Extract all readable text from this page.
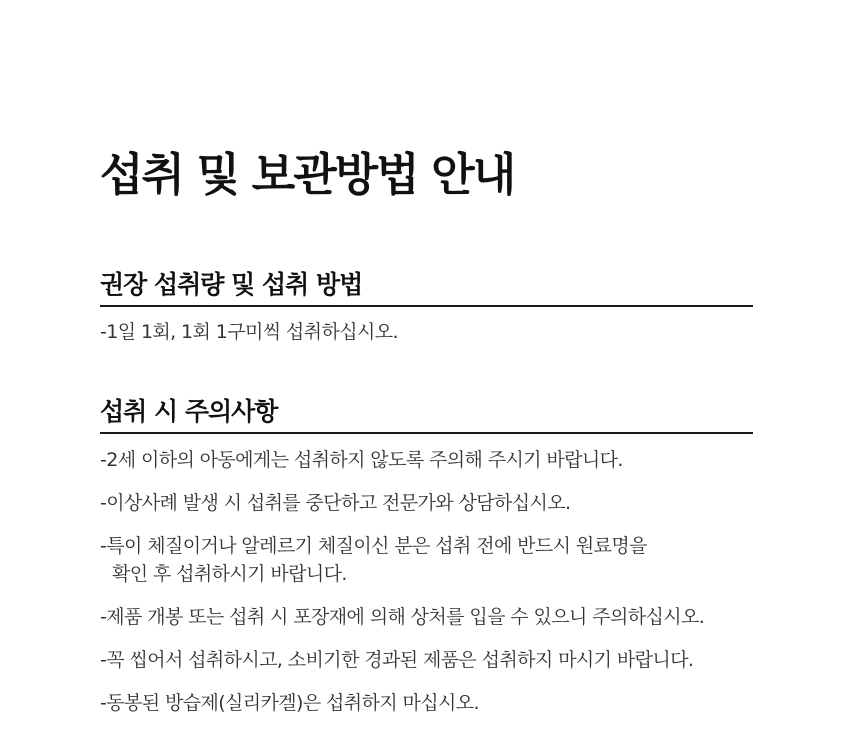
섭취 및 보관방법 안내
권장 섭취량 및 섭취 방법
-1일 1회, 1회 1구미씩 섭취하십시오.
섭취 시 주의사항
-2세 이하의 아동에게는 섭취하지 않도록 주의해 주시기 바랍니다.
-이상사례 발생 시 섭취를 중단하고 전문가와 상담하십시오.
-특이 체질이거나 알레르기 체질이신 분은 섭취 전에 반드시 원료명을
확인 후 섭취하시기 바랍니다.
-제품 개봉 또는 섭취 시 포장재에 의해 상처를 입을 수 있으니 주의하십시오.
-꼭 씹어서 섭취하시고, 소비기한 경과된 제품은 섭취하지 마시기 바랍니다.
-동봉된 방습제(실리카겔)은 섭취하지 마십시오.
